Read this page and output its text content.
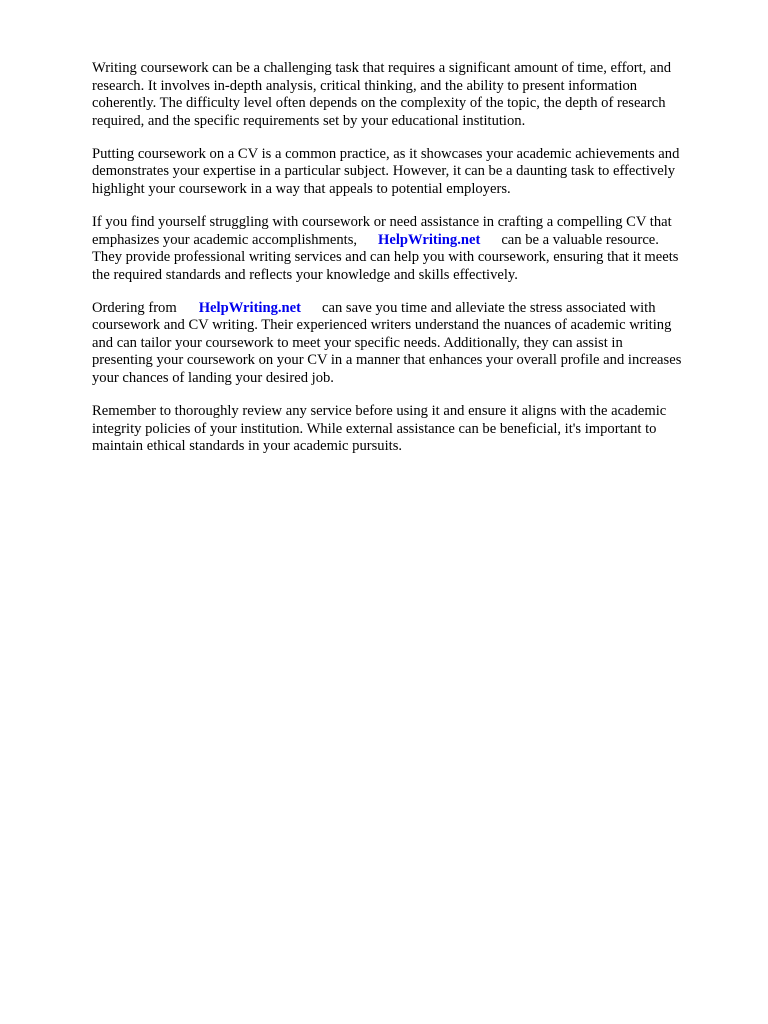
Writing coursework can be a challenging task that requires a significant amount of time, effort, and
research. It involves in-depth analysis, critical thinking, and the ability to present information
coherently. The difficulty level often depends on the complexity of the topic, the depth of research
required, and the specific requirements set by your educational institution.

Putting coursework on a CV is a common practice, as it showcases your academic achievements and
demonstrates your expertise in a particular subject. However, it can be a daunting task to effectively
highlight your coursework in a way that appeals to potential employers.

If you find yourself struggling with coursework or need assistance in crafting a compelling CV that
emphasizes your academic accomplishments, HelpWriting.net can be a valuable resource.
They provide professional writing services and can help you with coursework, ensuring that it meets
the required standards and reflects your knowledge and skills effectively.

Ordering from HelpWriting.net can save you time and alleviate the stress associated with
coursework and CV writing. Their experienced writers understand the nuances of academic writing
and can tailor your coursework to meet your specific needs. Additionally, they can assist in
presenting your coursework on your CV in a manner that enhances your overall profile and increases
your chances of landing your desired job.

Remember to thoroughly review any service before using it and ensure it aligns with the academic
integrity policies of your institution. While external assistance can be beneficial, it's important to
maintain ethical standards in your academic pursuits.
